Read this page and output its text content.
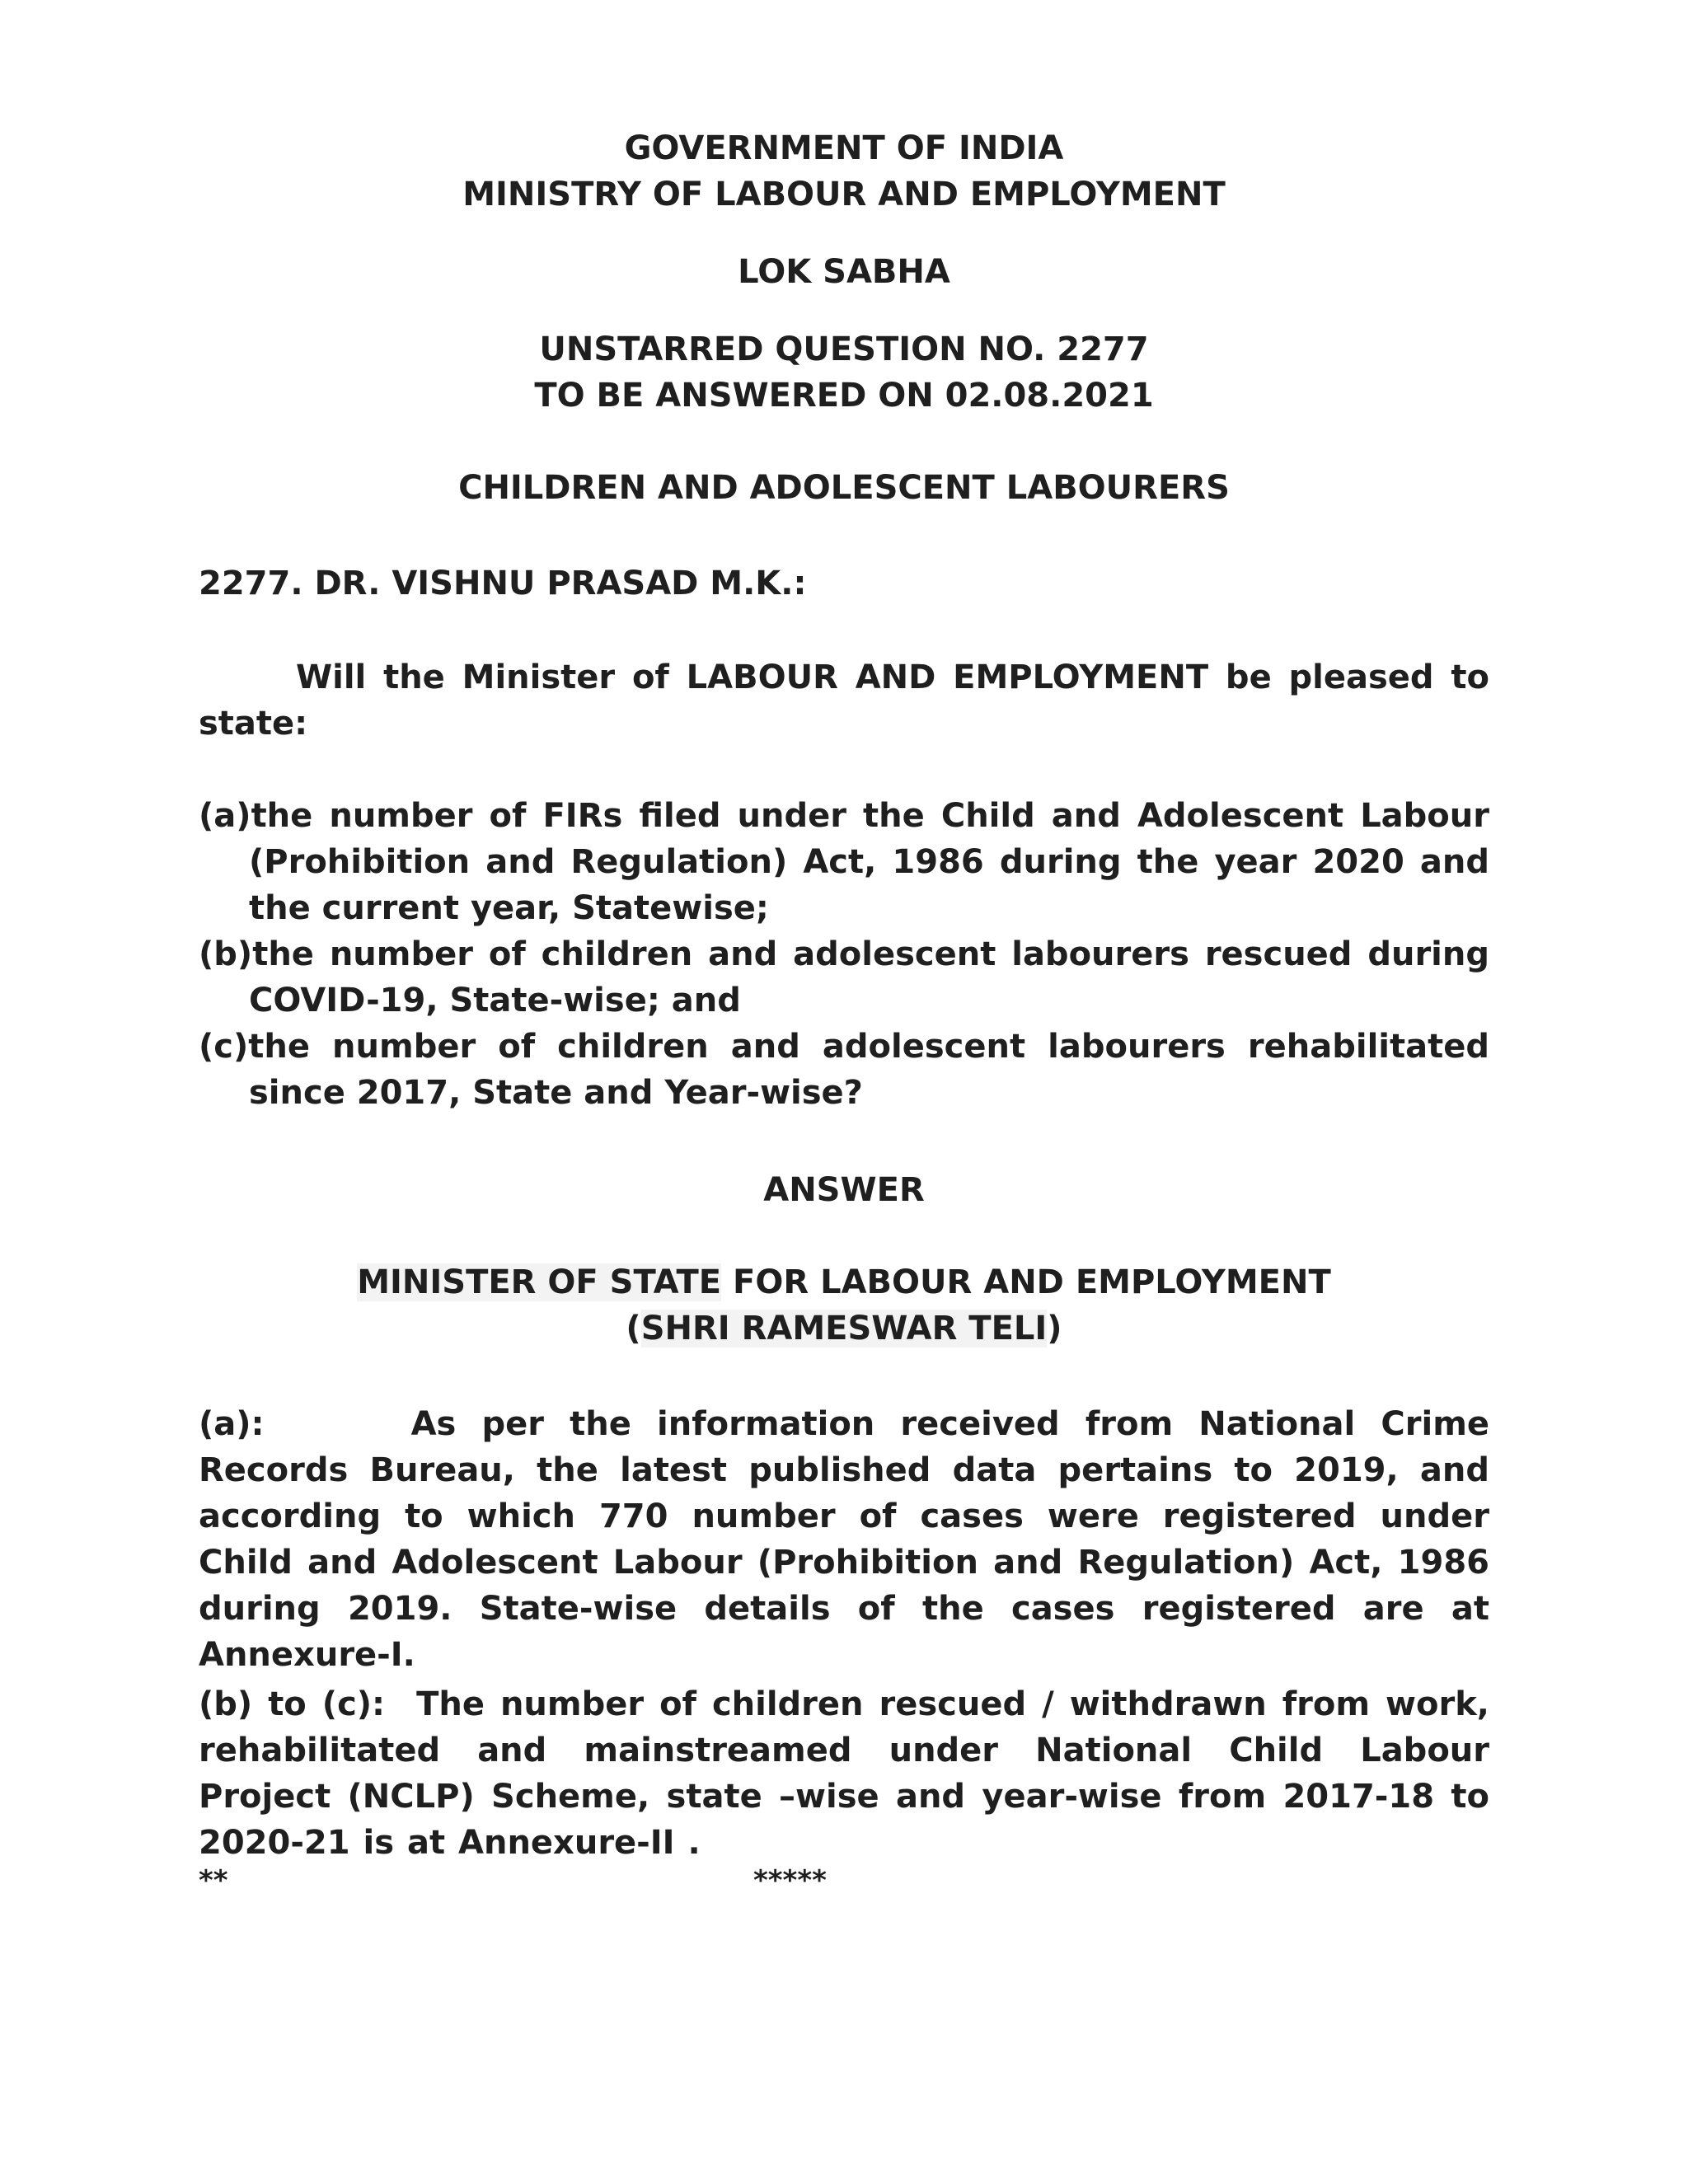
GOVERNMENT OF INDIA
MINISTRY OF LABOUR AND EMPLOYMENT
LOK SABHA
UNSTARRED QUESTION NO. 2277
TO BE ANSWERED ON 02.08.2021
CHILDREN AND ADOLESCENT LABOURERS
2277. DR. VISHNU PRASAD M.K.:
Will the Minister of LABOUR AND EMPLOYMENT be pleased to state:
(a)the number of FIRs filed under the Child and Adolescent Labour (Prohibition and Regulation) Act, 1986 during the year 2020 and the current year, Statewise;
(b)the number of children and adolescent labourers rescued during COVID-19, State-wise; and
(c)the number of children and adolescent labourers rehabilitated since 2017, State and Year-wise?
ANSWER
MINISTER OF STATE FOR LABOUR AND EMPLOYMENT
(SHRI RAMESWAR TELI)
(a):	As per the information received from National Crime Records Bureau, the latest published data pertains to 2019, and according to which 770 number of cases were registered under Child and Adolescent Labour (Prohibition and Regulation) Act, 1986 during 2019. State-wise details of the cases registered are at Annexure-I.
(b) to (c): The number of children rescued / withdrawn from work, rehabilitated and mainstreamed under National Child Labour Project (NCLP) Scheme, state –wise and year-wise from 2017-18 to 2020-21 is at Annexure-II .
**	*****
